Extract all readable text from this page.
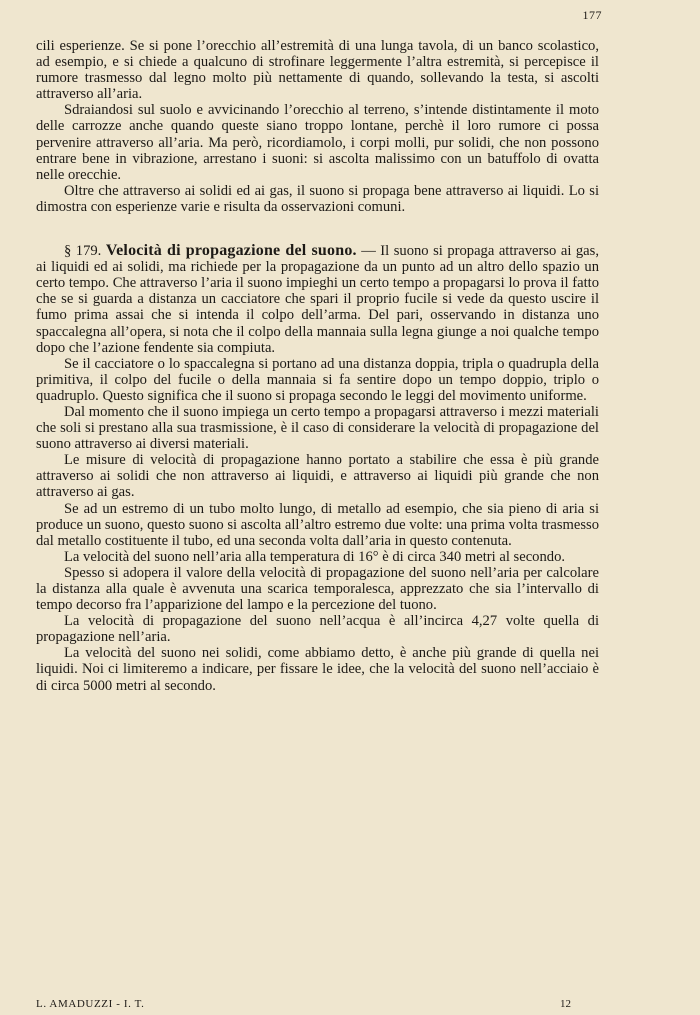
177

cili esperienze. Se si pone l’orecchio all’estremità di una lunga tavola, di un banco scolastico, ad esempio, e si chiede a qualcuno di strofinare leggermente l’altra estremità, si percepisce il rumore trasmesso dal legno molto più nettamente di quando, sollevando la testa, si ascolti attraverso all’aria.

Sdraiandosi sul suolo e avvicinando l’orecchio al terreno, s’intende distintamente il moto delle carrozze anche quando queste siano troppo lontane, perchè il loro rumore ci possa pervenire attraverso all’aria. Ma però, ricordiamolo, i corpi molli, pur solidi, che non possono entrare bene in vibrazione, arrestano i suoni: si ascolta malissimo con un batuffolo di ovatta nelle orecchie.

Oltre che attraverso ai solidi ed ai gas, il suono si propaga bene attraverso ai liquidi. Lo si dimostra con esperienze varie e risulta da osservazioni comuni.

§ 179. Velocità di propagazione del suono. — Il suono si propaga attraverso ai gas, ai liquidi ed ai solidi, ma richiede per la propagazione da un punto ad un altro dello spazio un certo tempo. Che attraverso l’aria il suono impieghi un certo tempo a propagarsi lo prova il fatto che se si guarda a distanza un cacciatore che spari il proprio fucile si vede da questo uscire il fumo prima assai che si intenda il colpo dell’arma. Del pari, osservando in distanza uno spaccalegna all’opera, si nota che il colpo della mannaia sulla legna giunge a noi qualche tempo dopo che l’azione fendente sia compiuta.

Se il cacciatore o lo spaccalegna si portano ad una distanza doppia, tripla o quadrupla della primitiva, il colpo del fucile o della mannaia si fa sentire dopo un tempo doppio, triplo o quadruplo. Questo significa che il suono si propaga secondo le leggi del movimento uniforme.

Dal momento che il suono impiega un certo tempo a propagarsi attraverso i mezzi materiali che soli si prestano alla sua trasmissione, è il caso di considerare la velocità di propagazione del suono attraverso ai diversi materiali.

Le misure di velocità di propagazione hanno portato a stabilire che essa è più grande attraverso ai solidi che non attraverso ai liquidi, e attraverso ai liquidi più grande che non attraverso ai gas.

Se ad un estremo di un tubo molto lungo, di metallo ad esempio, che sia pieno di aria si produce un suono, questo suono si ascolta all’altro estremo due volte: una prima volta trasmesso dal metallo costituente il tubo, ed una seconda volta dall’aria in questo contenuta.

La velocità del suono nell’aria alla temperatura di 16° è di circa 340 metri al secondo.

Spesso si adopera il valore della velocità di propagazione del suono nell’aria per calcolare la distanza alla quale è avvenuta una scarica temporalesca, apprezzato che sia l’intervallo di tempo decorso fra l’apparizione del lampo e la percezione del tuono.

La velocità di propagazione del suono nell’acqua è all’incirca 4,27 volte quella di propagazione nell’aria.

La velocità del suono nei solidi, come abbiamo detto, è anche più grande di quella nei liquidi. Noi ci limiteremo a indicare, per fissare le idee, che la velocità del suono nell’acciaio è di circa 5000 metri al secondo.

L. AMADUZZI - I. T.	12
